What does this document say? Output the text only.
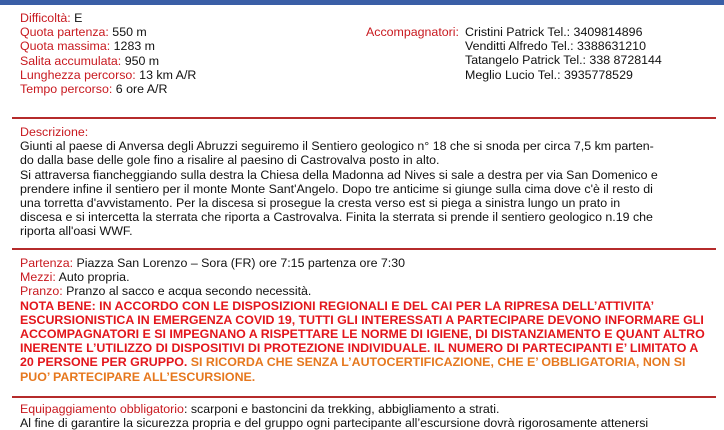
Difficoltà: E
Quota partenza: 550 m
Quota massima: 1283 m
Salita accumulata: 950 m
Lunghezza percorso: 13 km A/R
Tempo percorso: 6 ore A/R
Accompagnatori: Cristini Patrick Tel.: 3409814896
Venditti Alfredo Tel.: 3388631210
Tatangelo Patrick Tel.: 338 8728144
Meglio Lucio Tel.: 3935778529
Descrizione:
Giunti al paese di Anversa degli Abruzzi seguiremo il Sentiero geologico n° 18 che si snoda per circa 7,5 km parten-
do dalla base delle gole fino a risalire al paesino di Castrovalva posto in alto.
Si attraversa fiancheggiando sulla destra la Chiesa della Madonna ad Nives si sale a destra per via San Domenico e
prendere infine il sentiero per il monte Monte Sant'Angelo. Dopo tre anticime si giunge sulla cima dove c'è il resto di
una torretta d'avvistamento. Per la discesa si prosegue la cresta verso est si piega a sinistra lungo un prato in
discesa e si intercetta la sterrata che riporta a Castrovalva. Finita la sterrata si prende il sentiero geologico n.19 che
riporta all'oasi WWF.
Partenza: Piazza San Lorenzo – Sora (FR) ore 7:15 partenza ore 7:30
Mezzi: Auto propria.
Pranzo: Pranzo al sacco e acqua secondo necessità.
NOTA BENE: IN ACCORDO CON LE DISPOSIZIONI REGIONALI E DEL CAI PER LA RIPRESA DELL’ATTIVITA’
ESCURSIONISTICA IN EMERGENZA COVID 19, TUTTI GLI INTERESSATI A PARTECIPARE DEVONO INFORMARE GLI
ACCOMPAGNATORI E SI IMPEGNANO A RISPETTARE LE NORME DI IGIENE, DI DISTANZIAMENTO E QUANT ALTRO
INERENTE L’UTILIZZO DI DISPOSITIVI DI PROTEZIONE INDIVIDUALE. IL NUMERO DI PARTECIPANTI E’ LIMITATO A
20 PERSONE PER GRUPPO. SI RICORDA CHE SENZA L’AUTOCERTIFICAZIONE, CHE E’ OBBLIGATORIA, NON SI
PUO’ PARTECIPARE ALL’ESCURSIONE.
Equipaggiamento obbligatorio: scarponi e bastoncini da trekking, abbigliamento a strati.
Al fine di garantire la sicurezza propria e del gruppo ogni partecipante all’escursione dovrà rigorosamente attenersi
